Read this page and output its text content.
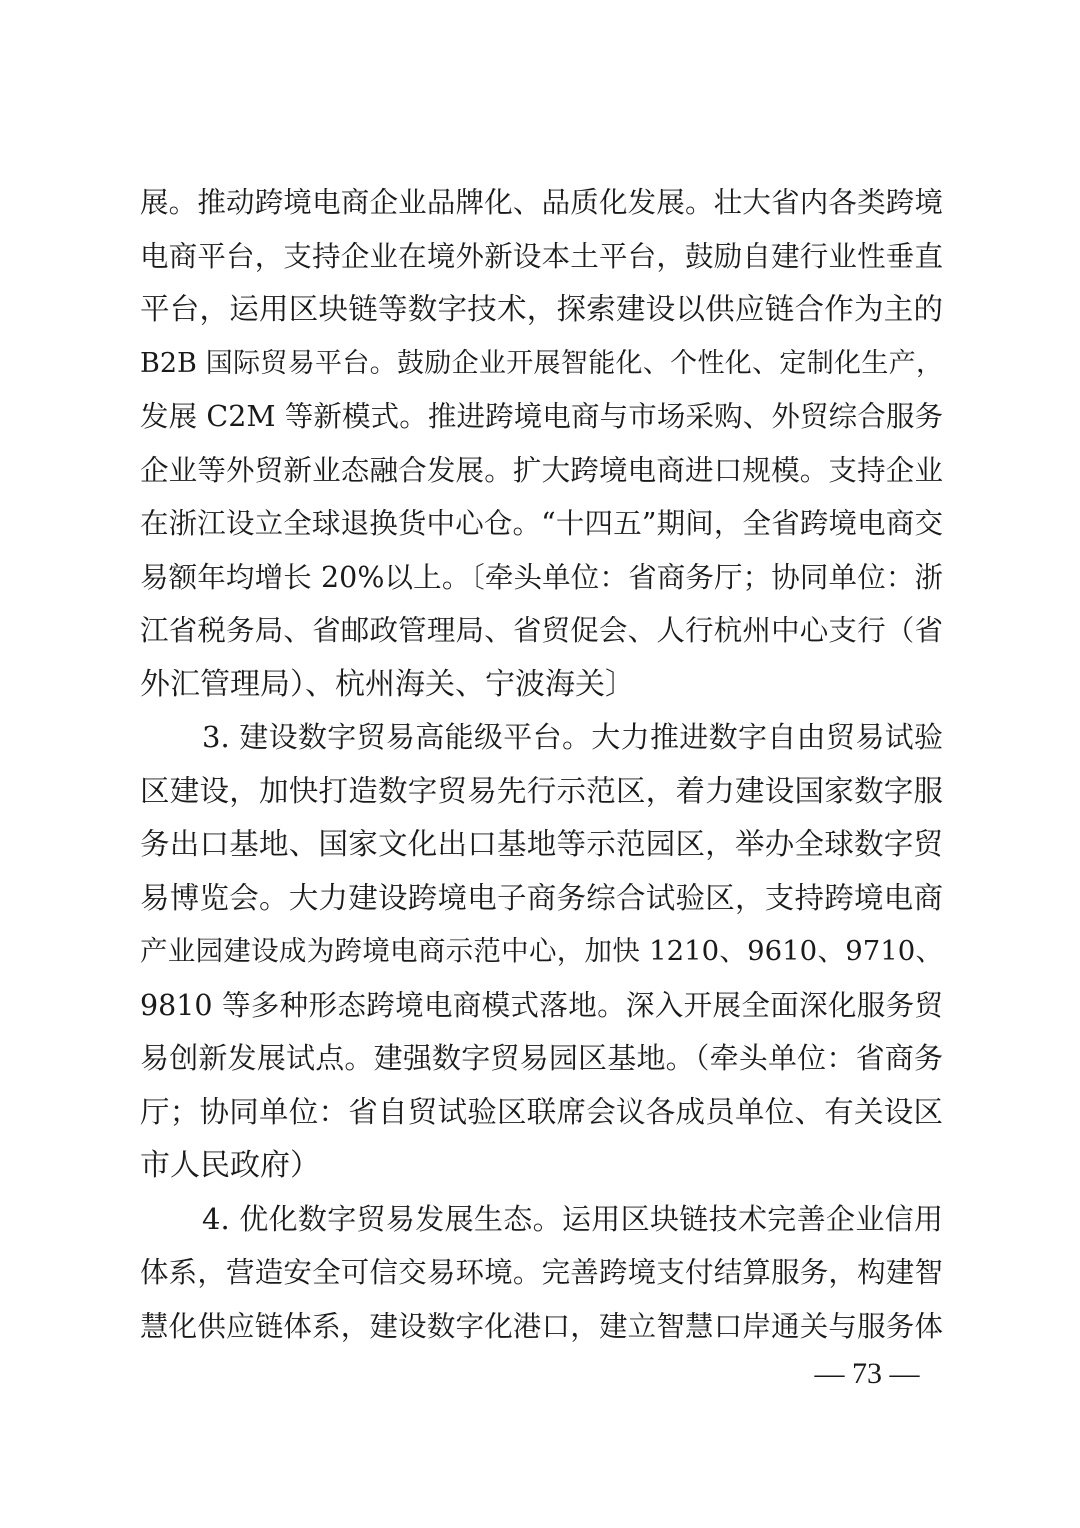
展。推动跨境电商企业品牌化、品质化发展。壮大省内各类跨境
电商平台，支持企业在境外新设本土平台，鼓励自建行业性垂直
平台，运用区块链等数字技术，探索建设以供应链合作为主的
B2B 国际贸易平台。鼓励企业开展智能化、个性化、定制化生产，
发展 C2M 等新模式。推进跨境电商与市场采购、外贸综合服务
企业等外贸新业态融合发展。扩大跨境电商进口规模。支持企业
在浙江设立全球退换货中心仓。“十四五”期间，全省跨境电商交
易额年均增长 20%以上。〔牵头单位：省商务厅；协同单位：浙
江省税务局、省邮政管理局、省贸促会、人行杭州中心支行（省
外汇管理局）、杭州海关、宁波海关〕
3. 建设数字贸易高能级平台。大力推进数字自由贸易试验
区建设，加快打造数字贸易先行示范区，着力建设国家数字服
务出口基地、国家文化出口基地等示范园区，举办全球数字贸
易博览会。大力建设跨境电子商务综合试验区，支持跨境电商
产业园建设成为跨境电商示范中心，加快 1210、9610、9710、
9810 等多种形态跨境电商模式落地。深入开展全面深化服务贸
易创新发展试点。建强数字贸易园区基地。（牵头单位：省商务
厅；协同单位：省自贸试验区联席会议各成员单位、有关设区
市人民政府）
4. 优化数字贸易发展生态。运用区块链技术完善企业信用
体系，营造安全可信交易环境。完善跨境支付结算服务，构建智
慧化供应链体系，建设数字化港口，建立智慧口岸通关与服务体
— 73 —
